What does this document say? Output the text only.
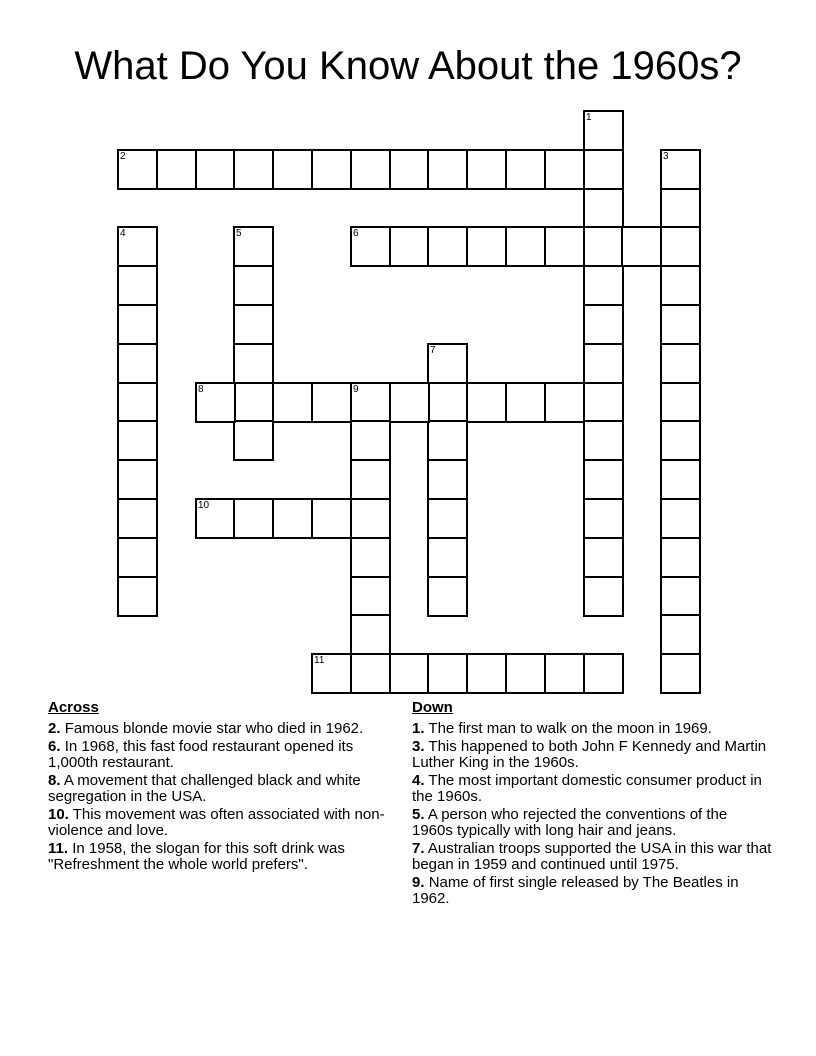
What Do You Know About the 1960s?
1
2	3
4	5	6
7
8	9
10
11
Across
2. Famous blonde movie star who died in 1962.
6. In 1968, this fast food restaurant opened its 1,000th restaurant.
8. A movement that challenged black and white segregation in the USA.
10. This movement was often associated with non-violence and love.
11. In 1958, the slogan for this soft drink was "Refreshment the whole world prefers".
Down
1. The first man to walk on the moon in 1969.
3. This happened to both John F Kennedy and Martin Luther King in the 1960s.
4. The most important domestic consumer product in the 1960s.
5. A person who rejected the conventions of the 1960s typically with long hair and jeans.
7. Australian troops supported the USA in this war that began in 1959 and continued until 1975.
9. Name of first single released by The Beatles in 1962.
